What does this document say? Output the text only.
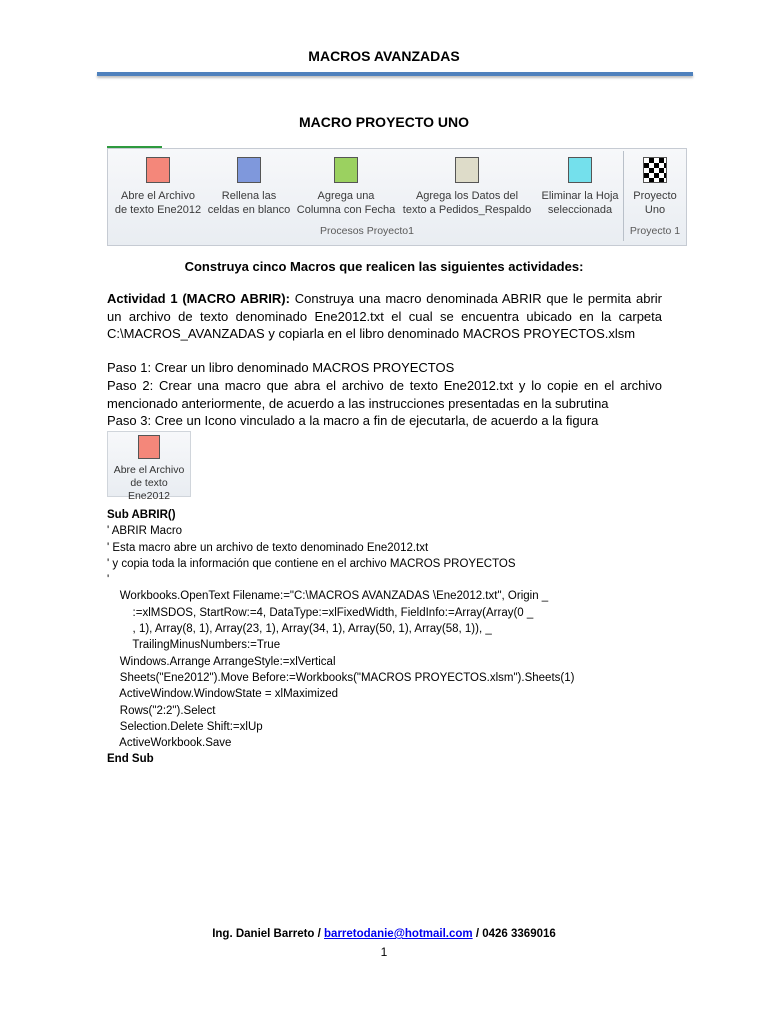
MACROS AVANZADAS
MACRO PROYECTO UNO
Abre el Archivo
de texto Ene2012
Rellena las
celdas en blanco
Agrega una
Columna con Fecha
Agrega los Datos del
texto a Pedidos_Respaldo
Eliminar la Hoja
seleccionada
Proyecto
Uno
Procesos Proyecto1	Proyecto 1
Construya cinco Macros que realicen las siguientes actividades:
Actividad 1 (MACRO ABRIR): Construya una macro denominada ABRIR que le permita abrir un archivo de texto denominado Ene2012.txt el cual se encuentra ubicado en la carpeta C:\MACROS_AVANZADAS y copiarla en el libro denominado MACROS PROYECTOS.xlsm
Paso 1: Crear un libro denominado MACROS PROYECTOS
Paso 2: Crear una macro que abra el archivo de texto Ene2012.txt y lo copie en el archivo mencionado anteriormente, de acuerdo a las instrucciones presentadas en la subrutina
Paso 3: Cree un Icono vinculado a la macro a fin de ejecutarla, de acuerdo a la figura
Abre el Archivo
de texto Ene2012
Sub ABRIR()
' ABRIR Macro
' Esta macro abre un archivo de texto denominado Ene2012.txt
' y copia toda la información que contiene en el archivo MACROS PROYECTOS
'
Workbooks.OpenText Filename:="C:\MACROS AVANZADAS \Ene2012.txt", Origin _
:=xlMSDOS, StartRow:=4, DataType:=xlFixedWidth, FieldInfo:=Array(Array(0 _
, 1), Array(8, 1), Array(23, 1), Array(34, 1), Array(50, 1), Array(58, 1)), _
TrailingMinusNumbers:=True
Windows.Arrange ArrangeStyle:=xlVertical
Sheets("Ene2012").Move Before:=Workbooks("MACROS PROYECTOS.xlsm").Sheets(1)
ActiveWindow.WindowState = xlMaximized
Rows("2:2").Select
Selection.Delete Shift:=xlUp
ActiveWorkbook.Save
End Sub
Ing. Daniel Barreto / barretodanie@hotmail.com / 0426 3369016
1
